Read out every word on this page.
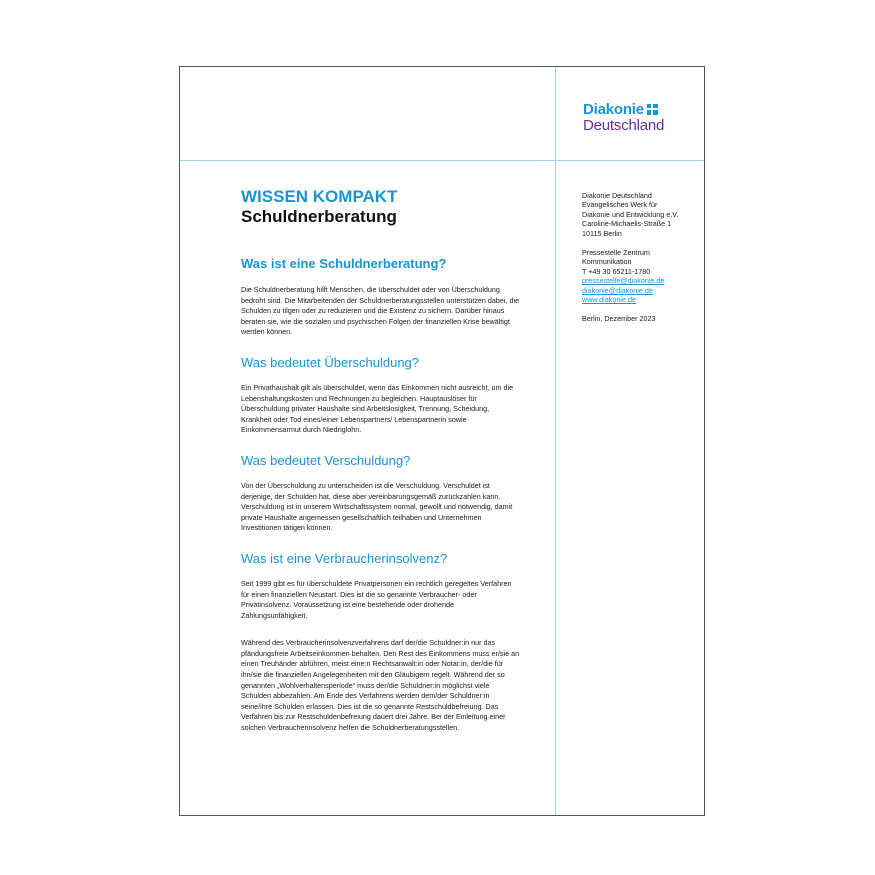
Diakonie
Deutschland

WISSEN KOMPAKT

Schuldnerberatung

Was ist eine Schuldnerberatung?

Die Schuldnerberatung hilft Menschen, die überschuldet oder von Überschuldung bedroht sind. Die Mitarbeitenden der Schuldnerberatungsstellen unterstützen dabei, die Schulden zu tilgen oder zu reduzieren und die Existenz zu sichern. Darüber hinaus beraten sie, wie die sozialen und psychischen Folgen der finanziellen Krise bewältigt werden können.

Was bedeutet Überschuldung?

Ein Privathaushalt gilt als überschuldet, wenn das Einkommen nicht ausreicht, um die Lebenshaltungskosten und Rechnungen zu begleichen. Hauptauslöser für Überschuldung privater Haushalte sind Arbeitslosigkeit, Trennung, Scheidung, Krankheit oder Tod eines/einer Lebenspartners/ Lebenspartnerin sowie Einkommensarmut durch Niedriglohn.

Was bedeutet Verschuldung?

Von der Überschuldung zu unterscheiden ist die Verschuldung. Verschuldet ist derjenige, der Schulden hat, diese aber vereinbarungsgemäß zurückzahlen kann. Verschuldung ist in unserem Wirtschaftssystem normal, gewollt und notwendig, damit private Haushalte angemessen gesellschaftlich teilhaben und Unternehmen Investitionen tätigen können.

Was ist eine Verbraucherinsolvenz?

Seit 1999 gibt es für überschuldete Privatpersonen ein rechtlich geregeltes Verfahren für einen finanziellen Neustart. Dies ist die so genannte Verbraucher- oder Privatinsolvenz. Voraussetzung ist eine bestehende oder drohende Zahlungsunfähigkeit.

Während des Verbraucherinsolvenzverfahrens darf der/die Schuldner:in nur das pfändungsfreie Arbeitseinkommen behalten. Den Rest des Einkommens muss er/sie an einen Treuhänder abführen, meist eine:n Rechtsanwalt:in oder Notar:in, der/die für ihn/sie die finanziellen Angelegenheiten mit den Gläubigern regelt. Während der so genannten „Wohlverhaltensperiode“ muss der/die Schuldner:in möglichst viele Schulden abbezahlen. Am Ende des Verfahrens werden dem/der Schuldner:in seine/ihre Schulden erlassen. Dies ist die so genannte Restschuldbefreiung. Das Verfahren bis zur Restschuldenbefreiung dauert drei Jahre. Bei der Einleitung einer solchen Verbraucherinsolvenz helfen die Schuldnerberatungsstellen.

Diakonie Deutschland
Evangelisches Werk für
Diakonie und Entwicklung e.V.
Caroline-Michaelis-Straße 1
10115 Berlin
Pressestelle Zentrum
Kommunikation
T +49 30 65211-1780
pressestelle@diakonie.de
diakonie@diakonie.de
www.diakonie.de
Berlin, Dezember 2023
